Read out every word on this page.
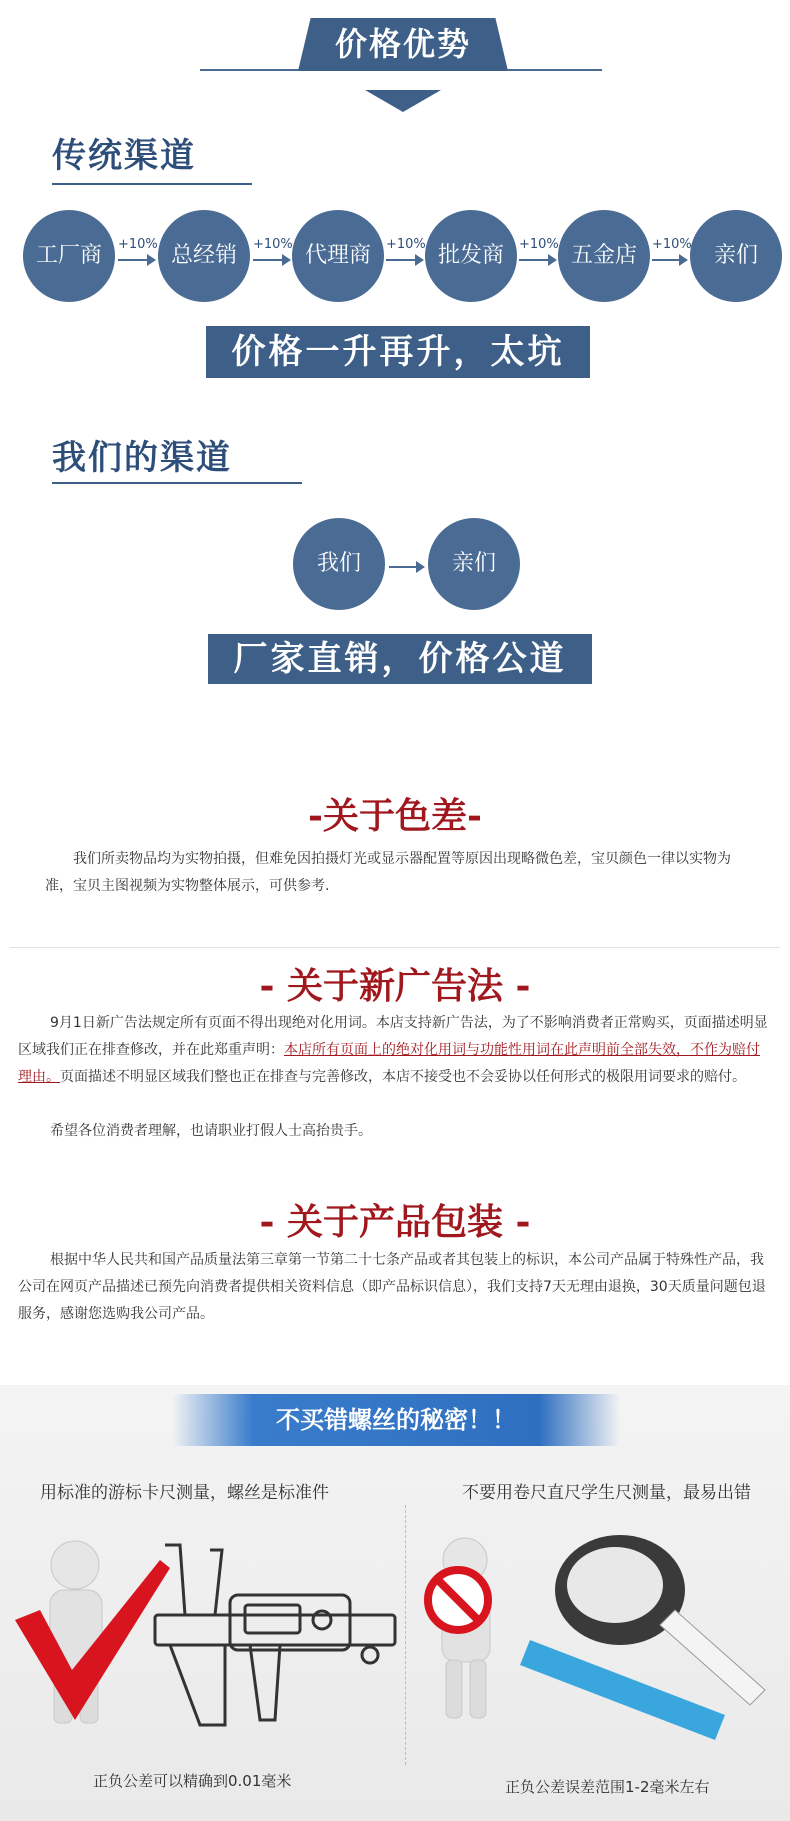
价格优势
传统渠道
工厂商	总经销	代理商	批发商	五金店	亲们
+10%	+10%	+10%	+10%	+10%
价格一升再升，太坑
我们的渠道
我们	亲们
厂家直销，价格公道
-关于色差-
我们所卖物品均为实物拍摄，但难免因拍摄灯光或显示器配置等原因出现略微色差，宝贝颜色一律以实物为准，宝贝主图视频为实物整体展示，可供参考.
- 关于新广告法 -
9月1日新广告法规定所有页面不得出现绝对化用词。本店支持新广告法，为了不影响消费者正常购买，页面描述明显区域我们正在排查修改，并在此郑重声明：本店所有页面上的绝对化用词与功能性用词在此声明前全部失效，不作为赔付理由。页面描述不明显区域我们整也正在排查与完善修改，本店不接受也不会妥协以任何形式的极限用词要求的赔付。
希望各位消费者理解，也请职业打假人士高抬贵手。
- 关于产品包装 -
根据中华人民共和国产品质量法第三章第一节第二十七条产品或者其包装上的标识，本公司产品属于特殊性产品，我公司在网页产品描述已预先向消费者提供相关资料信息（即产品标识信息），我们支持7天无理由退换，30天质量问题包退服务，感谢您选购我公司产品。
不买错螺丝的秘密！！
用标准的游标卡尺测量，螺丝是标准件	不要用卷尺直尺学生尺测量，最易出错
正负公差可以精确到0.01毫米	正负公差误差范围1-2毫米左右
